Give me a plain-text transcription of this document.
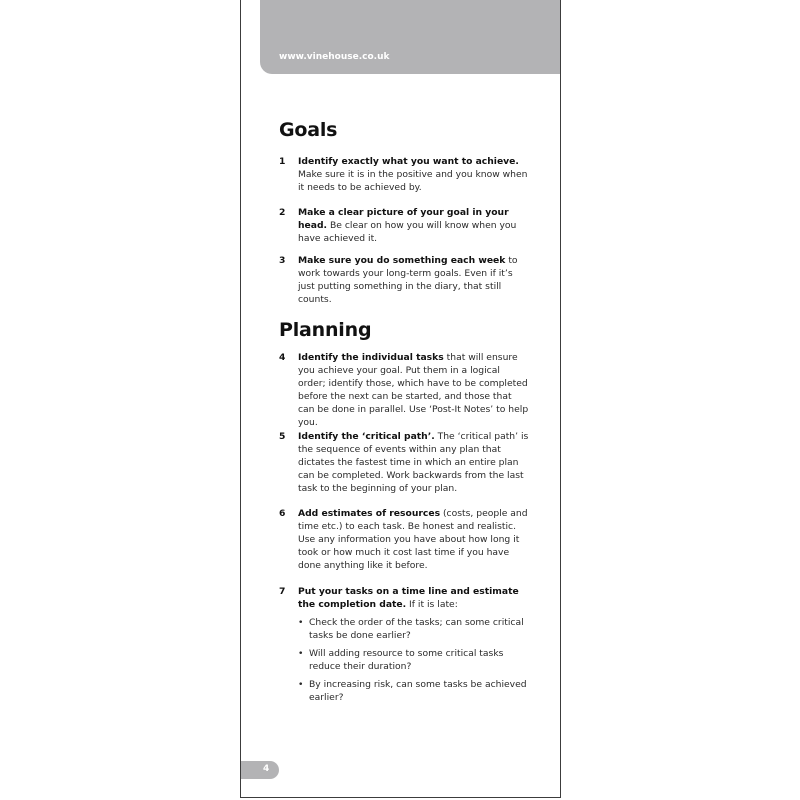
www.vinehouse.co.uk
Goals
1	Identify exactly what you want to achieve. Make sure it is in the positive and you know when it needs to be achieved by.
2	Make a clear picture of your goal in your head. Be clear on how you will know when you have achieved it.
3	Make sure you do something each week to work towards your long-term goals. Even if it’s just putting something in the diary, that still counts.
Planning
4	Identify the individual tasks that will ensure you achieve your goal. Put them in a logical order; identify those, which have to be completed before the next can be started, and those that can be done in parallel. Use ‘Post-It Notes’ to help you.
5	Identify the ‘critical path’. The ‘critical path’ is the sequence of events within any plan that dictates the fastest time in which an entire plan can be completed. Work backwards from the last task to the beginning of your plan.
6	Add estimates of resources (costs, people and time etc.) to each task. Be honest and realistic. Use any information you have about how long it took or how much it cost last time if you have done anything like it before.
7	Put your tasks on a time line and estimate the completion date. If it is late:
• Check the order of the tasks; can some critical tasks be done earlier?
• Will adding resource to some critical tasks reduce their duration?
• By increasing risk, can some tasks be achieved earlier?
4
